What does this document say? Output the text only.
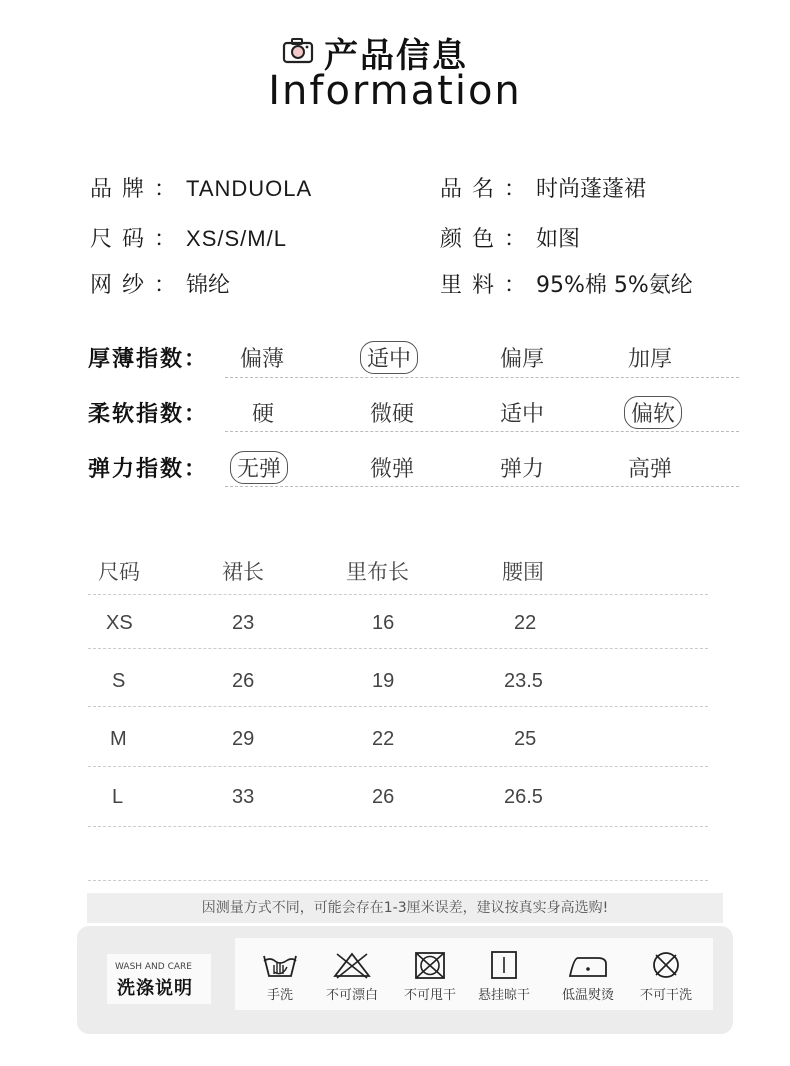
产品信息
Information
品牌：TANDUOLA	品名：时尚蓬蓬裙
尺码：XS/S/M/L	颜色：如图
网纱：锦纶	里料：95%棉 5%氨纶
厚薄指数： 偏薄	适中	偏厚	加厚
柔软指数： 硬	微硬	适中	偏软
弹力指数：	无弹	微弹	弹力	高弹
尺码	裙长	里布长	腰围
XS	23	16	22
S	26	19	23.5
M	29	22	25
L	33	26	26.5
因测量方式不同，可能会存在1-3厘米误差，建议按真实身高选购!
WASH AND CARE
洗涤说明	手洗	不可漂白	不可甩干	悬挂晾干	低温熨烫	不可干洗
